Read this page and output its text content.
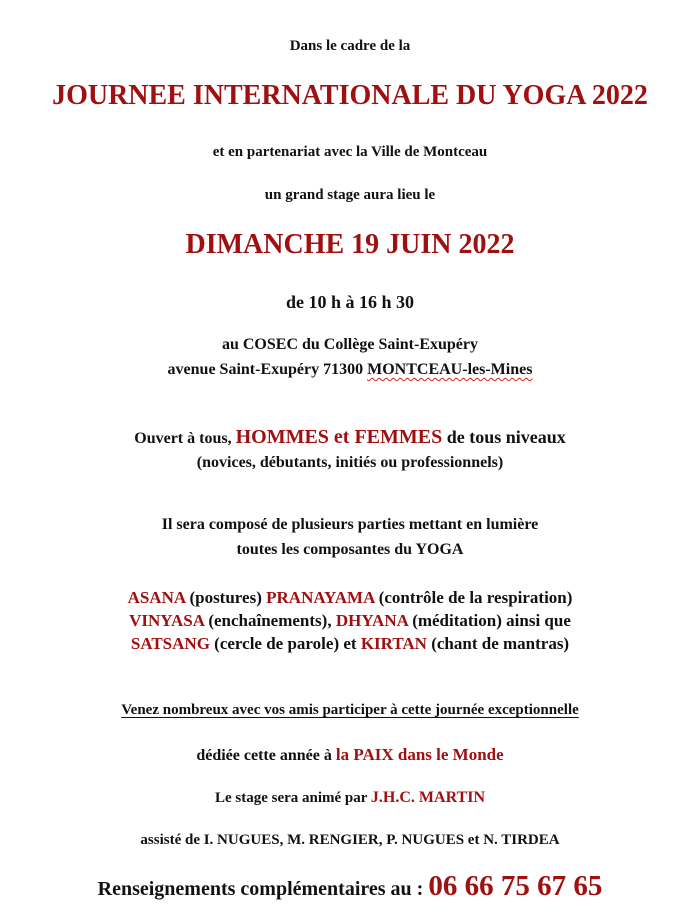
Dans le cadre de la
JOURNEE INTERNATIONALE DU YOGA 2022
et en partenariat avec la Ville de Montceau
un grand stage aura lieu le
DIMANCHE 19 JUIN 2022
de 10 h à 16 h 30
au COSEC du Collège Saint-Exupéry
avenue Saint-Exupéry 71300 MONTCEAU-les-Mines
Ouvert à tous, HOMMES et FEMMES de tous niveaux
(novices, débutants, initiés ou professionnels)
Il sera composé de plusieurs parties mettant en lumière
toutes les composantes du YOGA
ASANA (postures) PRANAYAMA (contrôle de la respiration)
VINYASA (enchaînements), DHYANA (méditation) ainsi que
SATSANG (cercle de parole) et KIRTAN (chant de mantras)
Venez nombreux avec vos amis participer à cette journée exceptionnelle
dédiée cette année à la PAIX dans le Monde
Le stage sera animé par J.H.C. MARTIN
assisté de I. NUGUES, M. RENGIER, P. NUGUES et N. TIRDEA
Renseignements complémentaires au : 06 66 75 67 65
